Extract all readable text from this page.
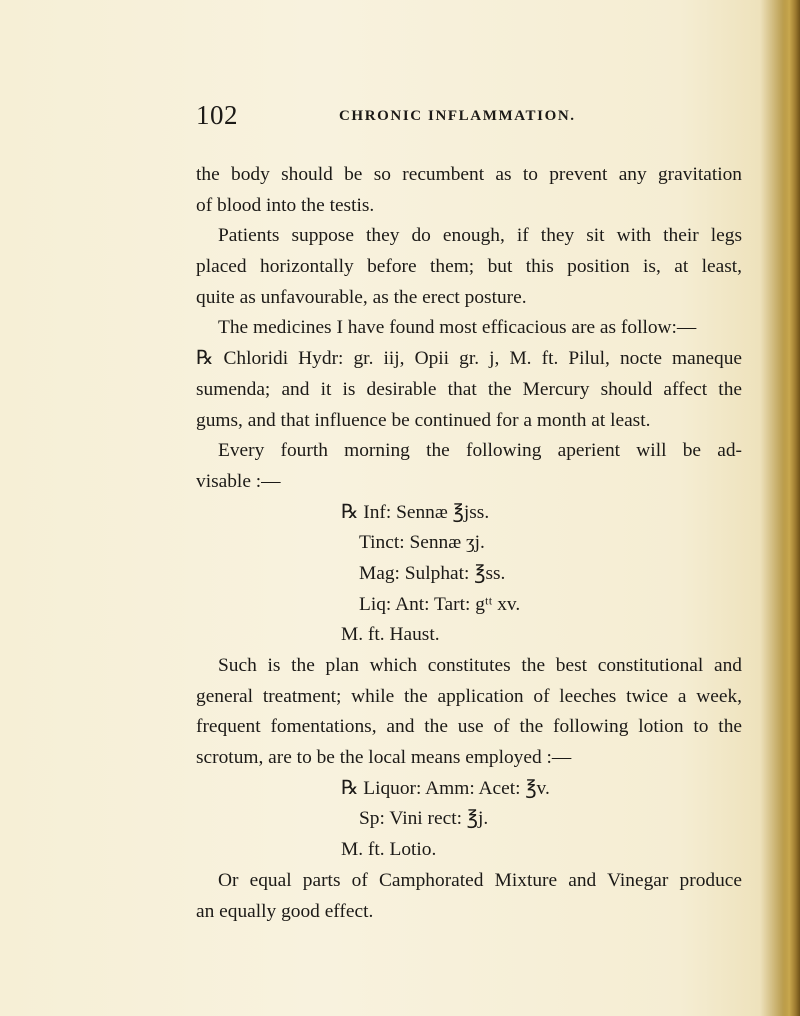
102	CHRONIC INFLAMMATION.
the body should be so recumbent as to prevent any gravitation
of blood into the testis.
Patients suppose they do enough, if they sit with their legs
placed horizontally before them; but this position is, at least,
quite as unfavourable, as the erect posture.
The medicines I have found most efficacious are as follow:—
℞ Chloridi Hydr: gr. iij, Opii gr. j, M. ft. Pilul, nocte maneque
sumenda; and it is desirable that the Mercury should affect the
gums, and that influence be continued for a month at least.
Every fourth morning the following aperient will be ad-
visable :—
℞ Inf: Sennæ ℥jss.
Tinct: Sennæ ʒj.
Mag: Sulphat: ℥ss.
Liq: Ant: Tart: gᵗᵗ xv.
M. ft. Haust.
Such is the plan which constitutes the best constitutional and
general treatment; while the application of leeches twice a week,
frequent fomentations, and the use of the following lotion to the
scrotum, are to be the local means employed :—
℞ Liquor: Amm: Acet: ℥v.
Sp: Vini rect: ℥j.
M. ft. Lotio.
Or equal parts of Camphorated Mixture and Vinegar produce
an equally good effect.
